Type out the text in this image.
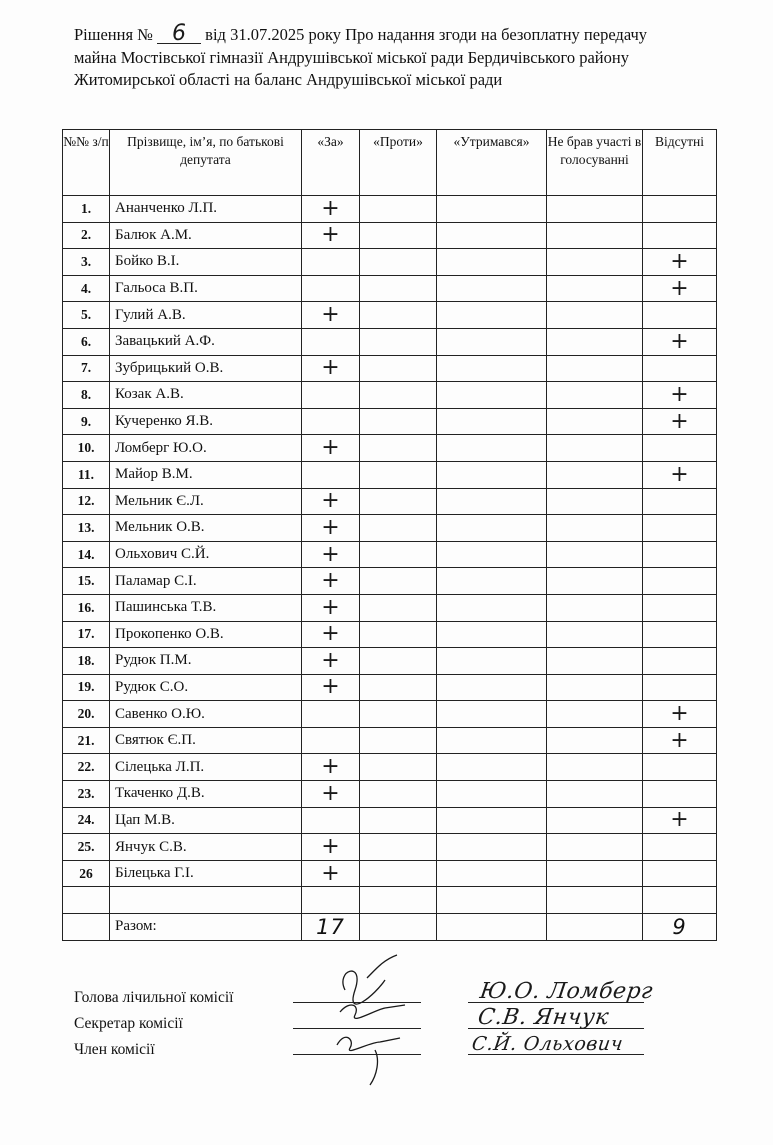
Рішення № 6 від 31.07.2025 року Про надання згоди на безоплатну передачу
майна Мостівської гімназії Андрушівської міської ради Бердичівського району
Житомирської області на баланс Андрушівської міської ради
№№ з/п	Прізвище, ім’я, по батькові депутата	«За»	«Проти»	«Утримався»	Не брав участі в голосуванні	Відсутні
1.	Ананченко Л.П.	+				
2.	Балюк А.М.	+				
3.	Бойко В.І.					+
4.	Гальоса В.П.					+
5.	Гулий А.В.	+				
6.	Завацький А.Ф.					+
7.	Зубрицький О.В.	+				
8.	Козак А.В.					+
9.	Кучеренко Я.В.					+
10.	Ломберг Ю.О.	+				
11.	Майор В.М.					+
12.	Мельник Є.Л.	+				
13.	Мельник О.В.	+				
14.	Ольхович С.Й.	+				
15.	Паламар С.І.	+				
16.	Пашинська Т.В.	+				
17.	Прокопенко О.В.	+				
18.	Рудюк П.М.	+				
19.	Рудюк С.О.	+				
20.	Савенко О.Ю.					+
21.	Святюк Є.П.					+
22.	Сілецька Л.П.	+				
23.	Ткаченко Д.В.	+				
24.	Цап М.В.					+
25.	Янчук С.В.	+				
26	Білецька Г.І.	+				

	Разом:	17				9
Голова лічильної комісії
Секретар комісії
Член комісії
Ю.О. Ломберг
С.В. Янчук
С.Й. Ольхович
